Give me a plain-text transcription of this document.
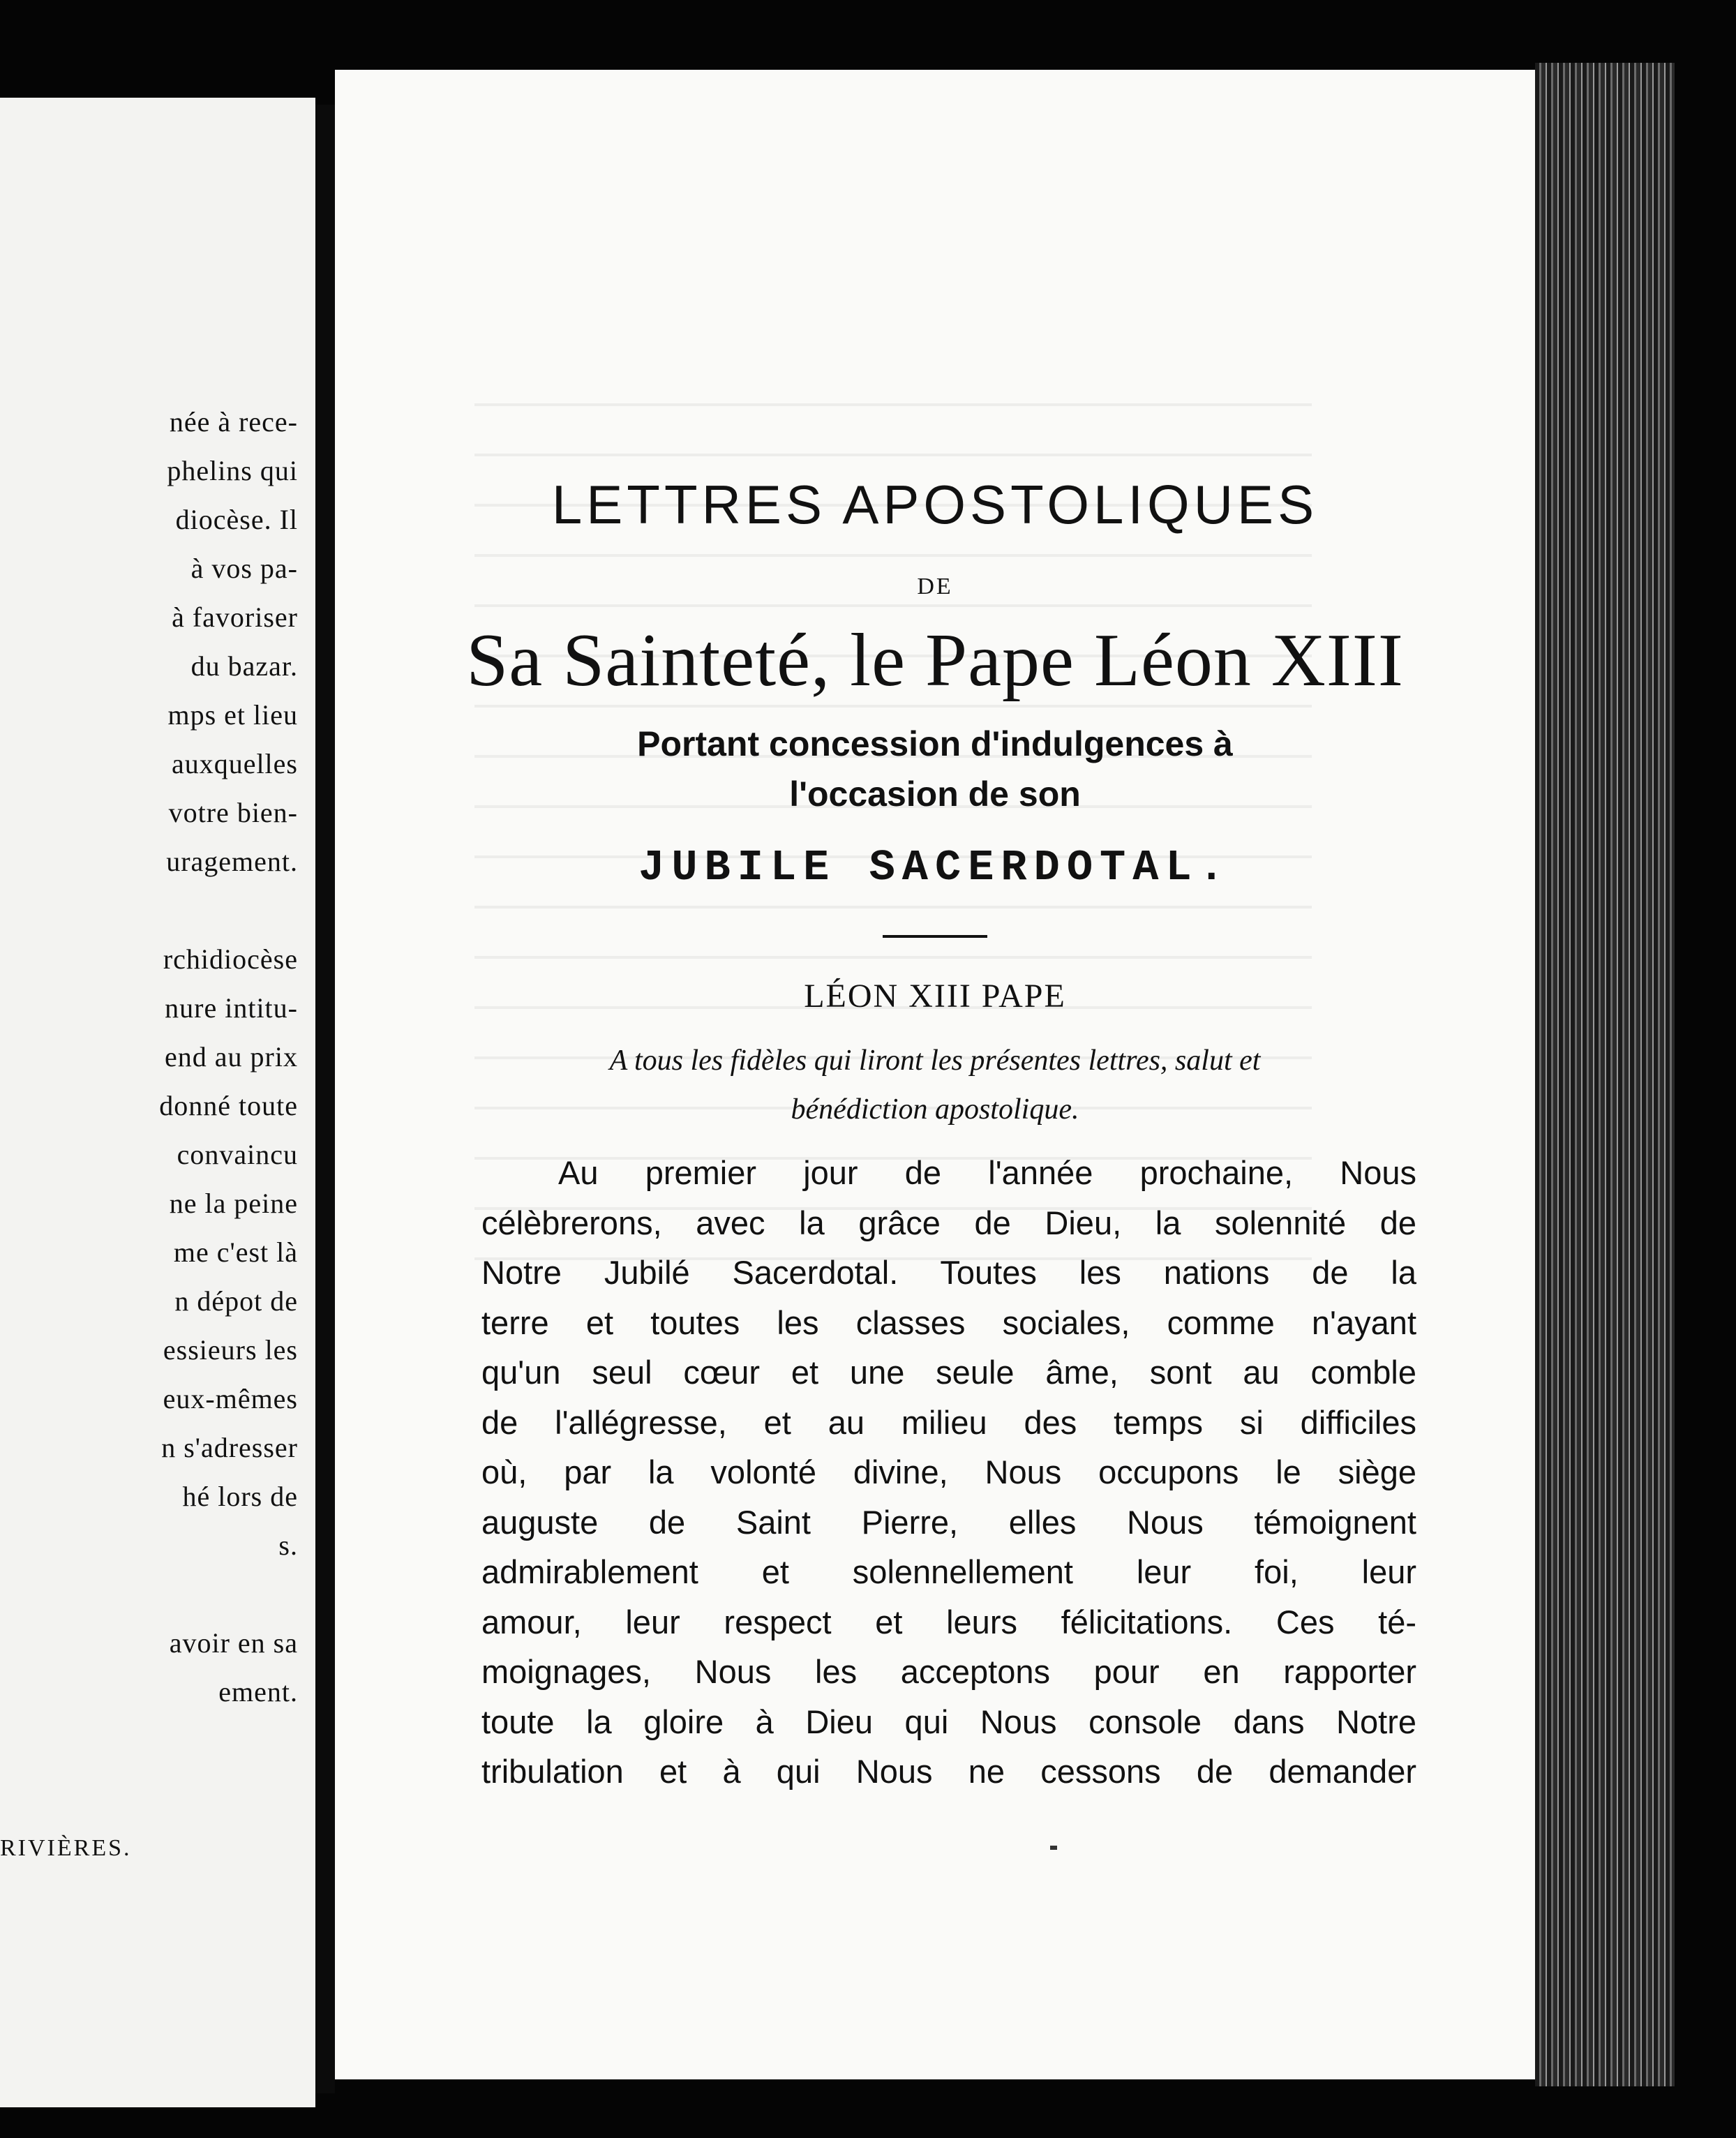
née à rece-
phelins qui
diocèse. Il
à vos pa-
à favoriser
du bazar.
mps et lieu
auxquelles
votre bien-
uragement.
rchidiocèse
nure intitu-
end au prix
donné toute
convaincu
ne la peine
me c'est là
n dépot de
essieurs les
eux-mêmes
n s'adresser
hé lors de
s.
avoir en sa
ement.
RIVIÈRES.
LETTRES APOSTOLIQUES
DE
Sa Sainteté, le Pape Léon XIII
Portant concession d'indulgences à
l'occasion de son
JUBILE SACERDOTAL.
LÉON XIII PAPE
A tous les fidèles qui liront les présentes lettres, salut et
bénédiction apostolique.
Au premier jour de l'année prochaine, Nous
célèbrerons, avec la grâce de Dieu, la solennité de
Notre Jubilé Sacerdotal. Toutes les nations de la
terre et toutes les classes sociales, comme n'ayant
qu'un seul cœur et une seule âme, sont au comble
de l'allégresse, et au milieu des temps si difficiles
où, par la volonté divine, Nous occupons le siège
auguste de Saint Pierre, elles Nous témoignent
admirablement et solennellement leur foi, leur
amour, leur respect et leurs félicitations. Ces té-
moignages, Nous les acceptons pour en rapporter
toute la gloire à Dieu qui Nous console dans Notre
tribulation et à qui Nous ne cessons de demander
